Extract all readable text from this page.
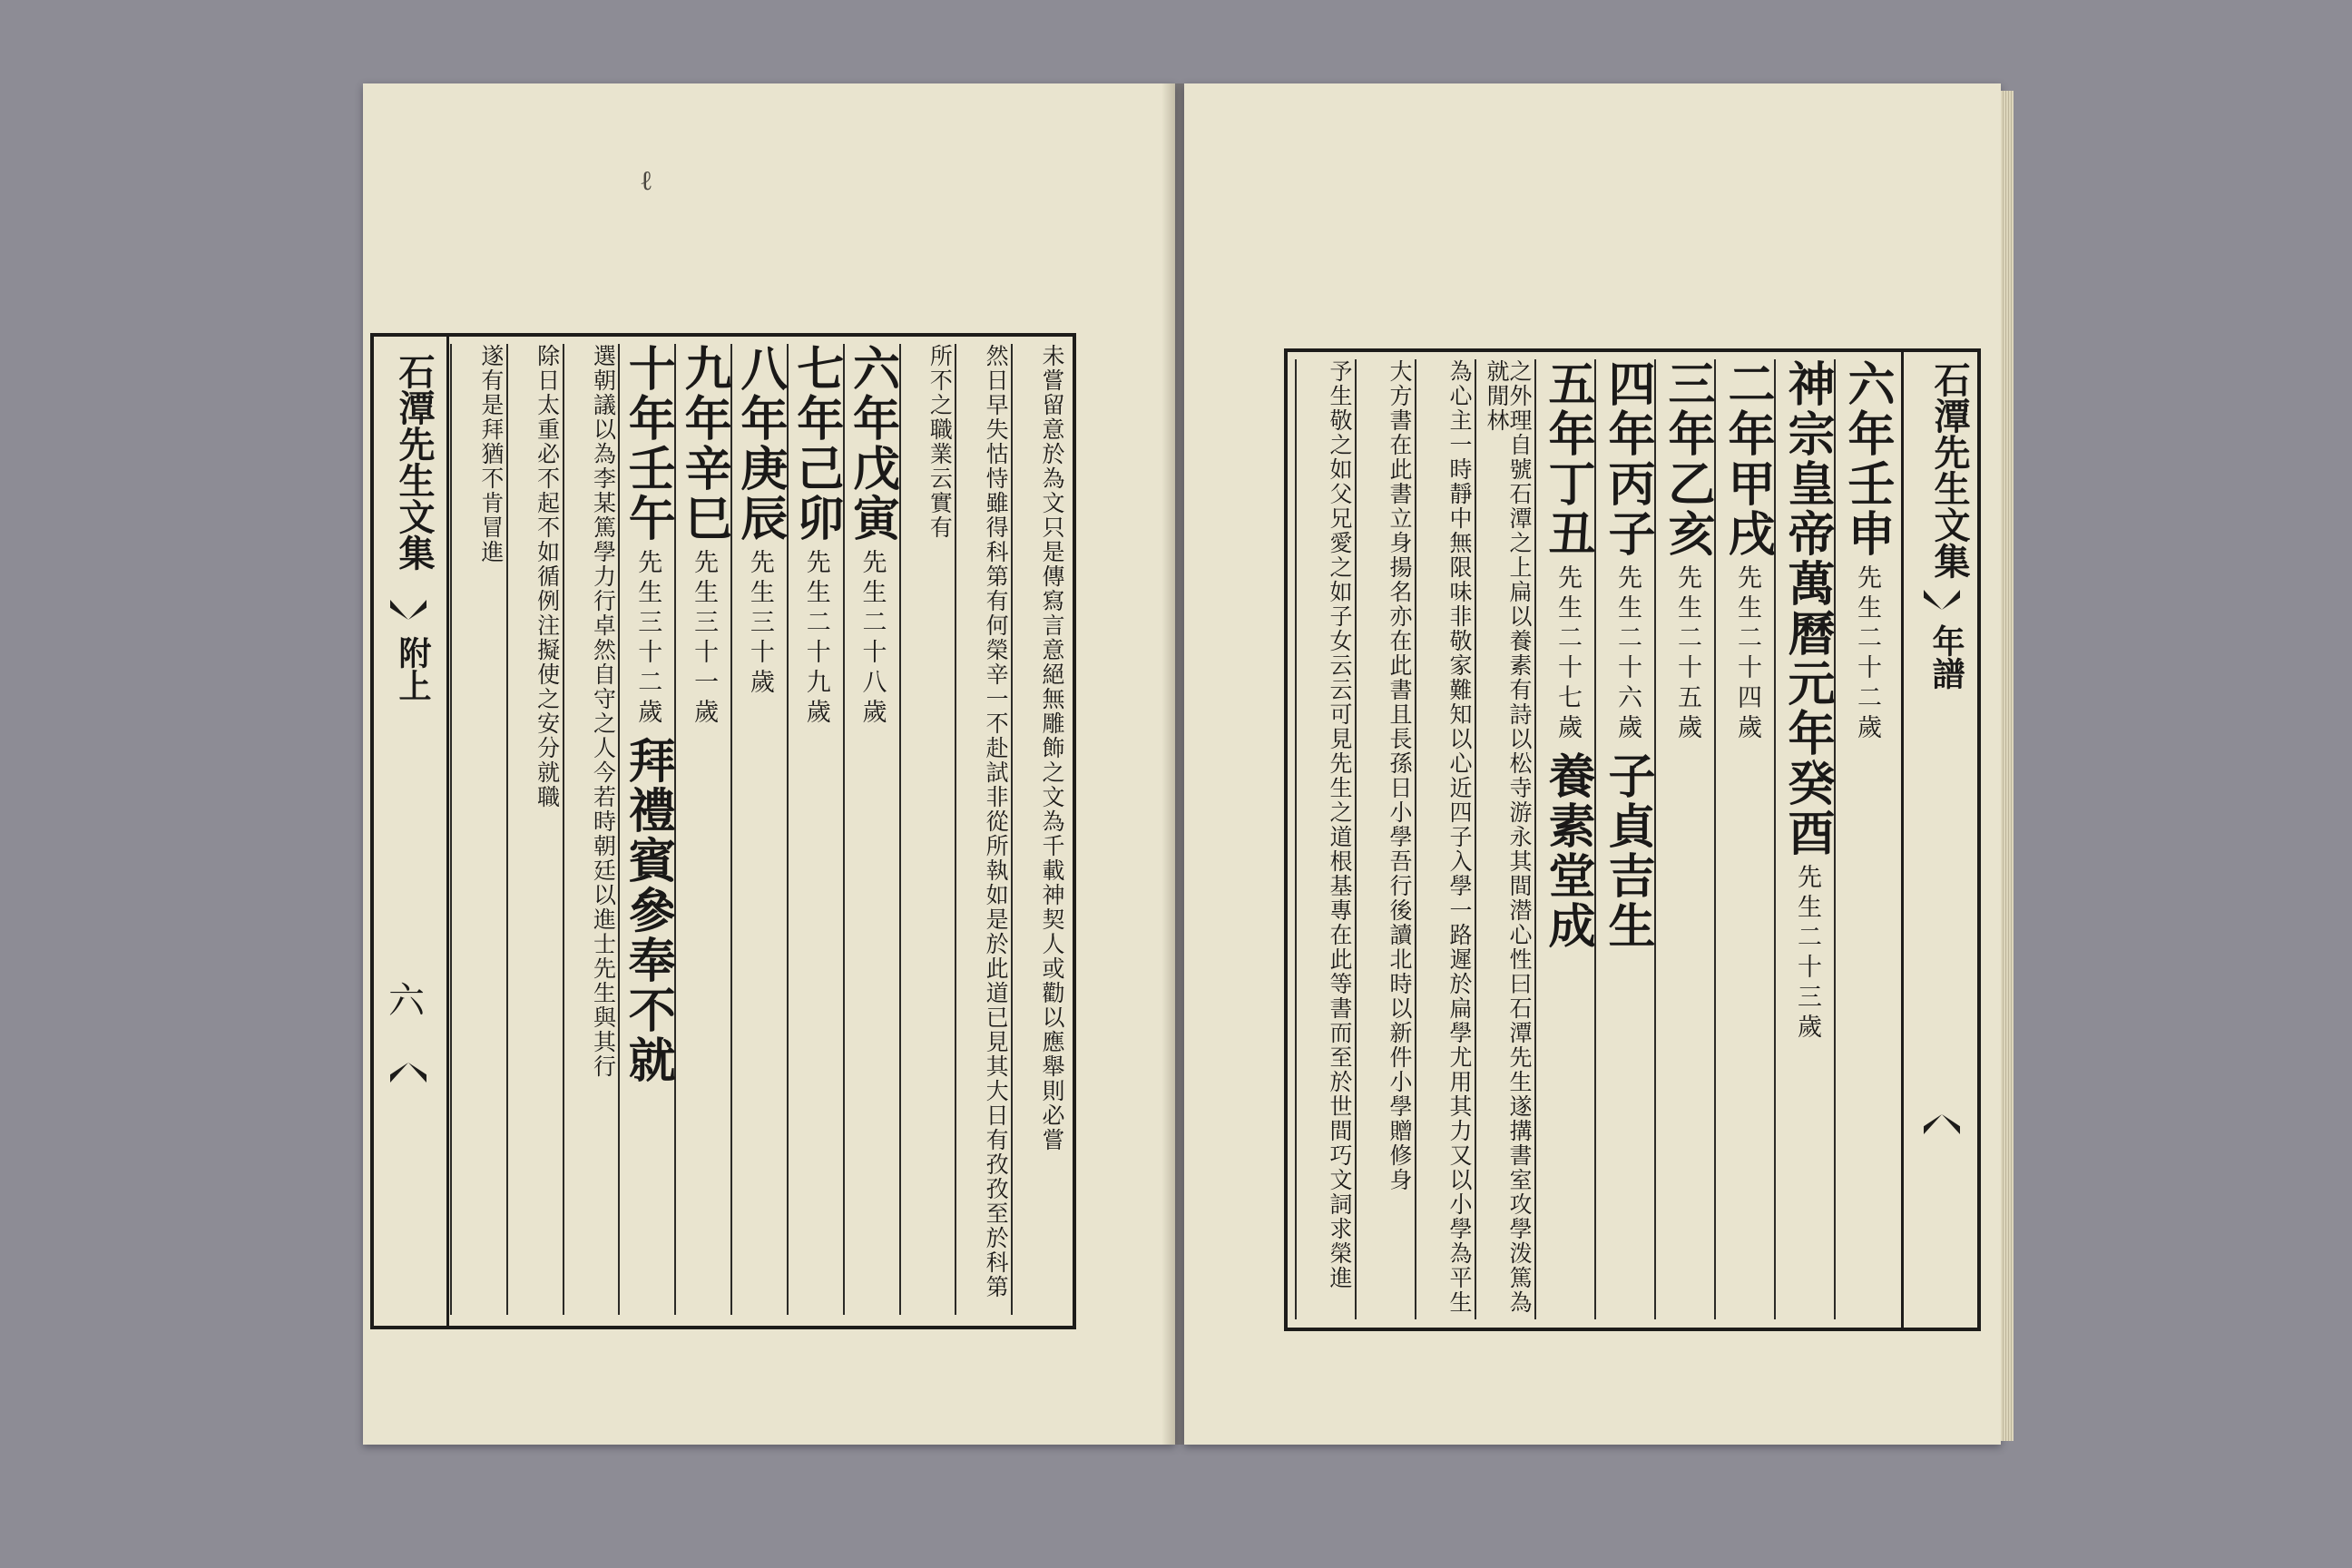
石潭先生文集
附上
六	未嘗留意於為文只是傳寫言意絕無雕飾之文為千載神契人或勸以應舉則必嘗
然日早失怙恃雖得科第有何榮辛一不赴試非從所執如是於此道已見其大日有孜孜至於科第
所不之職業云實有
六年戊寅先生二十八歲
七年己卯先生二十九歲
八年庚辰先生三十歲
九年辛巳先生三十一歲
十年壬午先生三十二歲拜禮賓參奉不就
選朝議以為李某篤學力行卓然自守之人今若時朝廷以進士先生與其行
除日太重必不起不如循例注擬使之安分就職
遂有是拜猶不肯冒進
ℓ
六年壬申先生二十二歲
神宗皇帝萬曆元年癸酉先生二十三歲
二年甲戌先生二十四歲
三年乙亥先生二十五歲
四年丙子先生二十六歲子貞吉生
五年丁丑先生二十七歲養素堂成
之外理自號石潭之上扁以養素有詩以松寺游永其間潜心性曰石潭先生遂搆書室攻學泼篤為就閒林
為心主一時靜中無限味非敬家難知以心近四子入學一路遲於扁學尤用其力又以小學為平生
大方書在此書立身揚名亦在此書且長孫日小學吾行後讀北時以新件小學贈修身
予生敬之如父兄愛之如子女云云可見先生之道根基專在此等書而至於世間巧文詞求榮進	石潭先生文集
年譜
